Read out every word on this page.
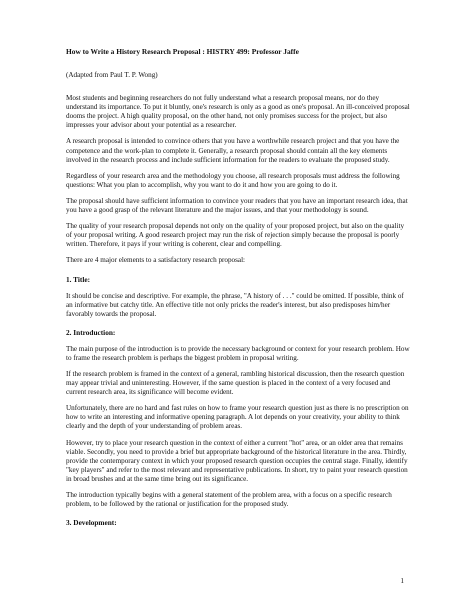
How to Write a History Research Proposal : HISTRY 499: Professor Jaffe

(Adapted from Paul T. P. Wong)

Most students and beginning researchers do not fully understand what a research proposal means, nor do they understand its importance. To put it bluntly, one's research is only as a good as one's proposal. An ill-conceived proposal dooms the project. A high quality proposal, on the other hand, not only promises success for the project, but also impresses your advisor about your potential as a researcher.

A research proposal is intended to convince others that you have a worthwhile research project and that you have the competence and the work-plan to complete it. Generally, a research proposal should contain all the key elements involved in the research process and include sufficient information for the readers to evaluate the proposed study.

Regardless of your research area and the methodology you choose, all research proposals must address the following questions: What you plan to accomplish, why you want to do it and how you are going to do it.

The proposal should have sufficient information to convince your readers that you have an important research idea, that you have a good grasp of the relevant literature and the major issues, and that your methodology is sound.

The quality of your research proposal depends not only on the quality of your proposed project, but also on the quality of your proposal writing. A good research project may run the risk of rejection simply because the proposal is poorly written. Therefore, it pays if your writing is coherent, clear and compelling.

There are 4 major elements to a satisfactory research proposal:

1. Title:

It should be concise and descriptive. For example, the phrase, "A history of . . ." could be omitted. If possible, think of an informative but catchy title. An effective title not only pricks the reader's interest, but also predisposes him/her favorably towards the proposal.

2. Introduction:

The main purpose of the introduction is to provide the necessary background or context for your research problem. How to frame the research problem is perhaps the biggest problem in proposal writing.

If the research problem is framed in the context of a general, rambling historical discussion, then the research question may appear trivial and uninteresting. However, if the same question is placed in the context of a very focused and current research area, its significance will become evident.

Unfortunately, there are no hard and fast rules on how to frame your research question just as there is no prescription on how to write an interesting and informative opening paragraph. A lot depends on your creativity, your ability to think clearly and the depth of your understanding of problem areas.

However, try to place your research question in the context of either a current "hot" area, or an older area that remains viable. Secondly, you need to provide a brief but appropriate background of the historical literature in the area. Thirdly, provide the contemporary context in which your proposed research question occupies the central stage. Finally, identify "key players" and refer to the most relevant and representative publications. In short, try to paint your research question in broad brushes and at the same time bring out its significance.

The introduction typically begins with a general statement of the problem area, with a focus on a specific research problem, to be followed by the rational or justification for the proposed study.

3. Development:
1
